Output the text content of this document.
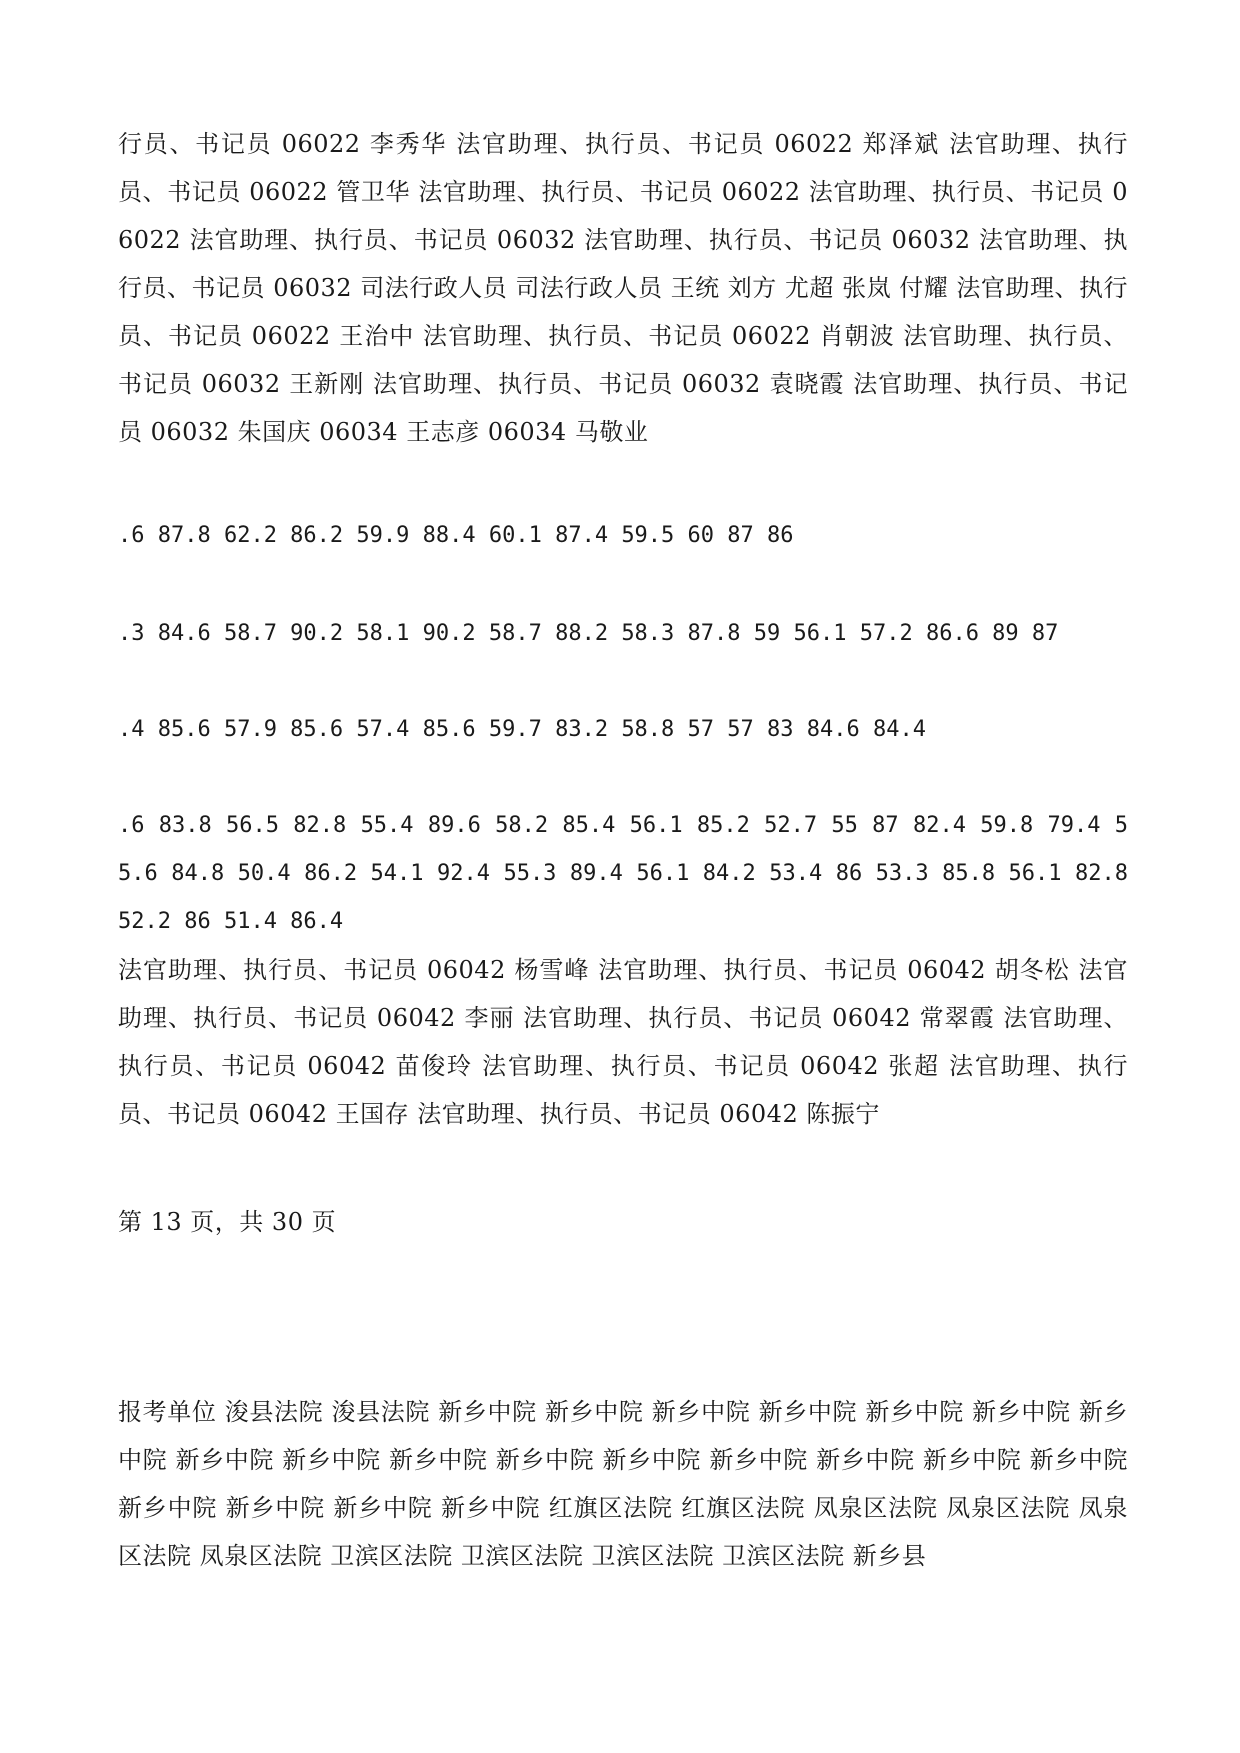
行员、书记员 06022 李秀华 法官助理、执行员、书记员 06022 郑泽斌 法官助理、执行员、书记员 06022 管卫华 法官助理、执行员、书记员 06022 法官助理、执行员、书记员 06022 法官助理、执行员、书记员 06032 法官助理、执行员、书记员 06032 法官助理、执行员、书记员 06032 司法行政人员 司法行政人员 王统 刘方 尤超 张岚 付耀 法官助理、执行员、书记员 06022 王治中 法官助理、执行员、书记员 06022 肖朝波 法官助理、执行员、书记员 06032 王新刚 法官助理、执行员、书记员 06032 袁晓霞 法官助理、执行员、书记员 06032 朱国庆 06034 王志彦 06034 马敬业
.6 87.8 62.2 86.2 59.9 88.4 60.1 87.4 59.5 60 87 86
.3 84.6 58.7 90.2 58.1 90.2 58.7 88.2 58.3 87.8 59 56.1 57.2 86.6 89 87
.4 85.6 57.9 85.6 57.4 85.6 59.7 83.2 58.8 57 57 83 84.6 84.4
.6 83.8 56.5 82.8 55.4 89.6 58.2 85.4 56.1 85.2 52.7 55 87 82.4 59.8 79.4 55.6 84.8 50.4 86.2 54.1 92.4 55.3 89.4 56.1 84.2 53.4 86 53.3 85.8 56.1 82.8 52.2 86 51.4 86.4
法官助理、执行员、书记员 06042 杨雪峰 法官助理、执行员、书记员 06042 胡冬松 法官助理、执行员、书记员 06042 李丽 法官助理、执行员、书记员 06042 常翠霞 法官助理、执行员、书记员 06042 苗俊玲 法官助理、执行员、书记员 06042 张超 法官助理、执行员、书记员 06042 王国存 法官助理、执行员、书记员 06042 陈振宁
第 13 页，共 30 页
报考单位 浚县法院 浚县法院 新乡中院 新乡中院 新乡中院 新乡中院 新乡中院 新乡中院 新乡中院 新乡中院 新乡中院 新乡中院 新乡中院 新乡中院 新乡中院 新乡中院 新乡中院 新乡中院 新乡中院 新乡中院 新乡中院 新乡中院 红旗区法院 红旗区法院 凤泉区法院 凤泉区法院 凤泉区法院 凤泉区法院 卫滨区法院 卫滨区法院 卫滨区法院 卫滨区法院 新乡县
